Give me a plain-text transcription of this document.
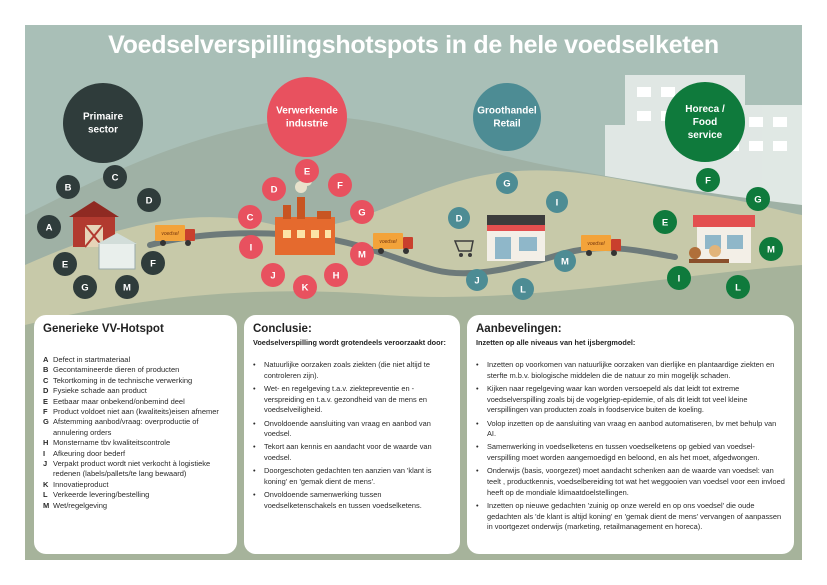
Primaire
sector
Verwerkende
industrie
Groothandel
Retail
Horeca /
Food
service
A
B
C
D
E	F
G	M
C
D
E
F
G
I
J
K
H
M
D
G
I
J
L
M
E
F
G
I
L
M
voedsel
voedsel	voedsel
Voedselverspillingshotspots in de hele voedselketen
Generieke VV-Hotspot
A Defect in startmateriaal
B Gecontamineerde dieren of producten
C Tekortkoming in de technische verwerking
D Fysieke schade aan product
E Eetbaar maar onbekend/onbemind deel
F Product voldoet niet aan (kwaliteits)eisen afnemer
G Afstemming aanbod/vraag: overproductie of annulering orders
H Monstername tbv kwaliteitscontrole
I	Afkeuring door bederf
J Verpakt product wordt niet verkocht à logistieke redenen (labels/pallets/te lang bewaard)
K Innovatieproduct
L Verkeerde levering/bestelling
M Wet/regelgeving
Conclusie:
Voedselverspilling wordt grotendeels veroorzaakt door:
• Natuurlijke oorzaken zoals ziekten (die niet altijd te controleren zijn).
• Wet- en regelgeving t.a.v. ziektepreventie en -verspreiding en t.a.v. gezondheid van de mens en voedselveiligheid.
• Onvoldoende aansluiting van vraag en aanbod van voedsel.
• Tekort aan kennis en aandacht voor de waarde van voedsel.
• Doorgeschoten gedachten ten aanzien van 'klant is koning' en 'gemak dient de mens'.
• Onvoldoende samenwerking tussen voedselketenschakels en tussen voedselketens.
Aanbevelingen:
Inzetten op alle niveaus van het ijsbergmodel:
• Inzetten op voorkomen van natuurlijke oorzaken van dierlijke en plantaardige ziekten en sterfte m.b.v. biologische middelen die de natuur zo min mogelijk schaden.
• Kijken naar regelgeving waar kan worden versoepeld als dat leidt tot extreme voedselverspilling zoals bij de vogelgriep-epidemie, of als dit leidt tot veel kleine verspillingen van producten zoals in foodservice buiten de koeling.
• Volop inzetten op de aansluiting van vraag en aanbod automatiseren, bv met behulp van AI.
• Samenwerking in voedselketens en tussen voedselketens op gebied van voedsel-verspilling moet worden aangemoedigd en beloond, en als het moet, afgedwongen.
• Onderwijs (basis, voorgezet) moet aandacht schenken aan de waarde van voedsel: van teelt , productkennis, voedselbereiding tot wat het weggooien van voedsel voor een invloed heeft op de mondiale klimaatdoelstellingen.
• Inzetten op nieuwe gedachten 'zuinig op onze wereld en op ons voedsel' die oude gedachten als 'de klant is altijd koning' en 'gemak dient de mens' vervangen of aanpassen in voortgezet onderwijs (marketing, retailmanagement en horeca).
